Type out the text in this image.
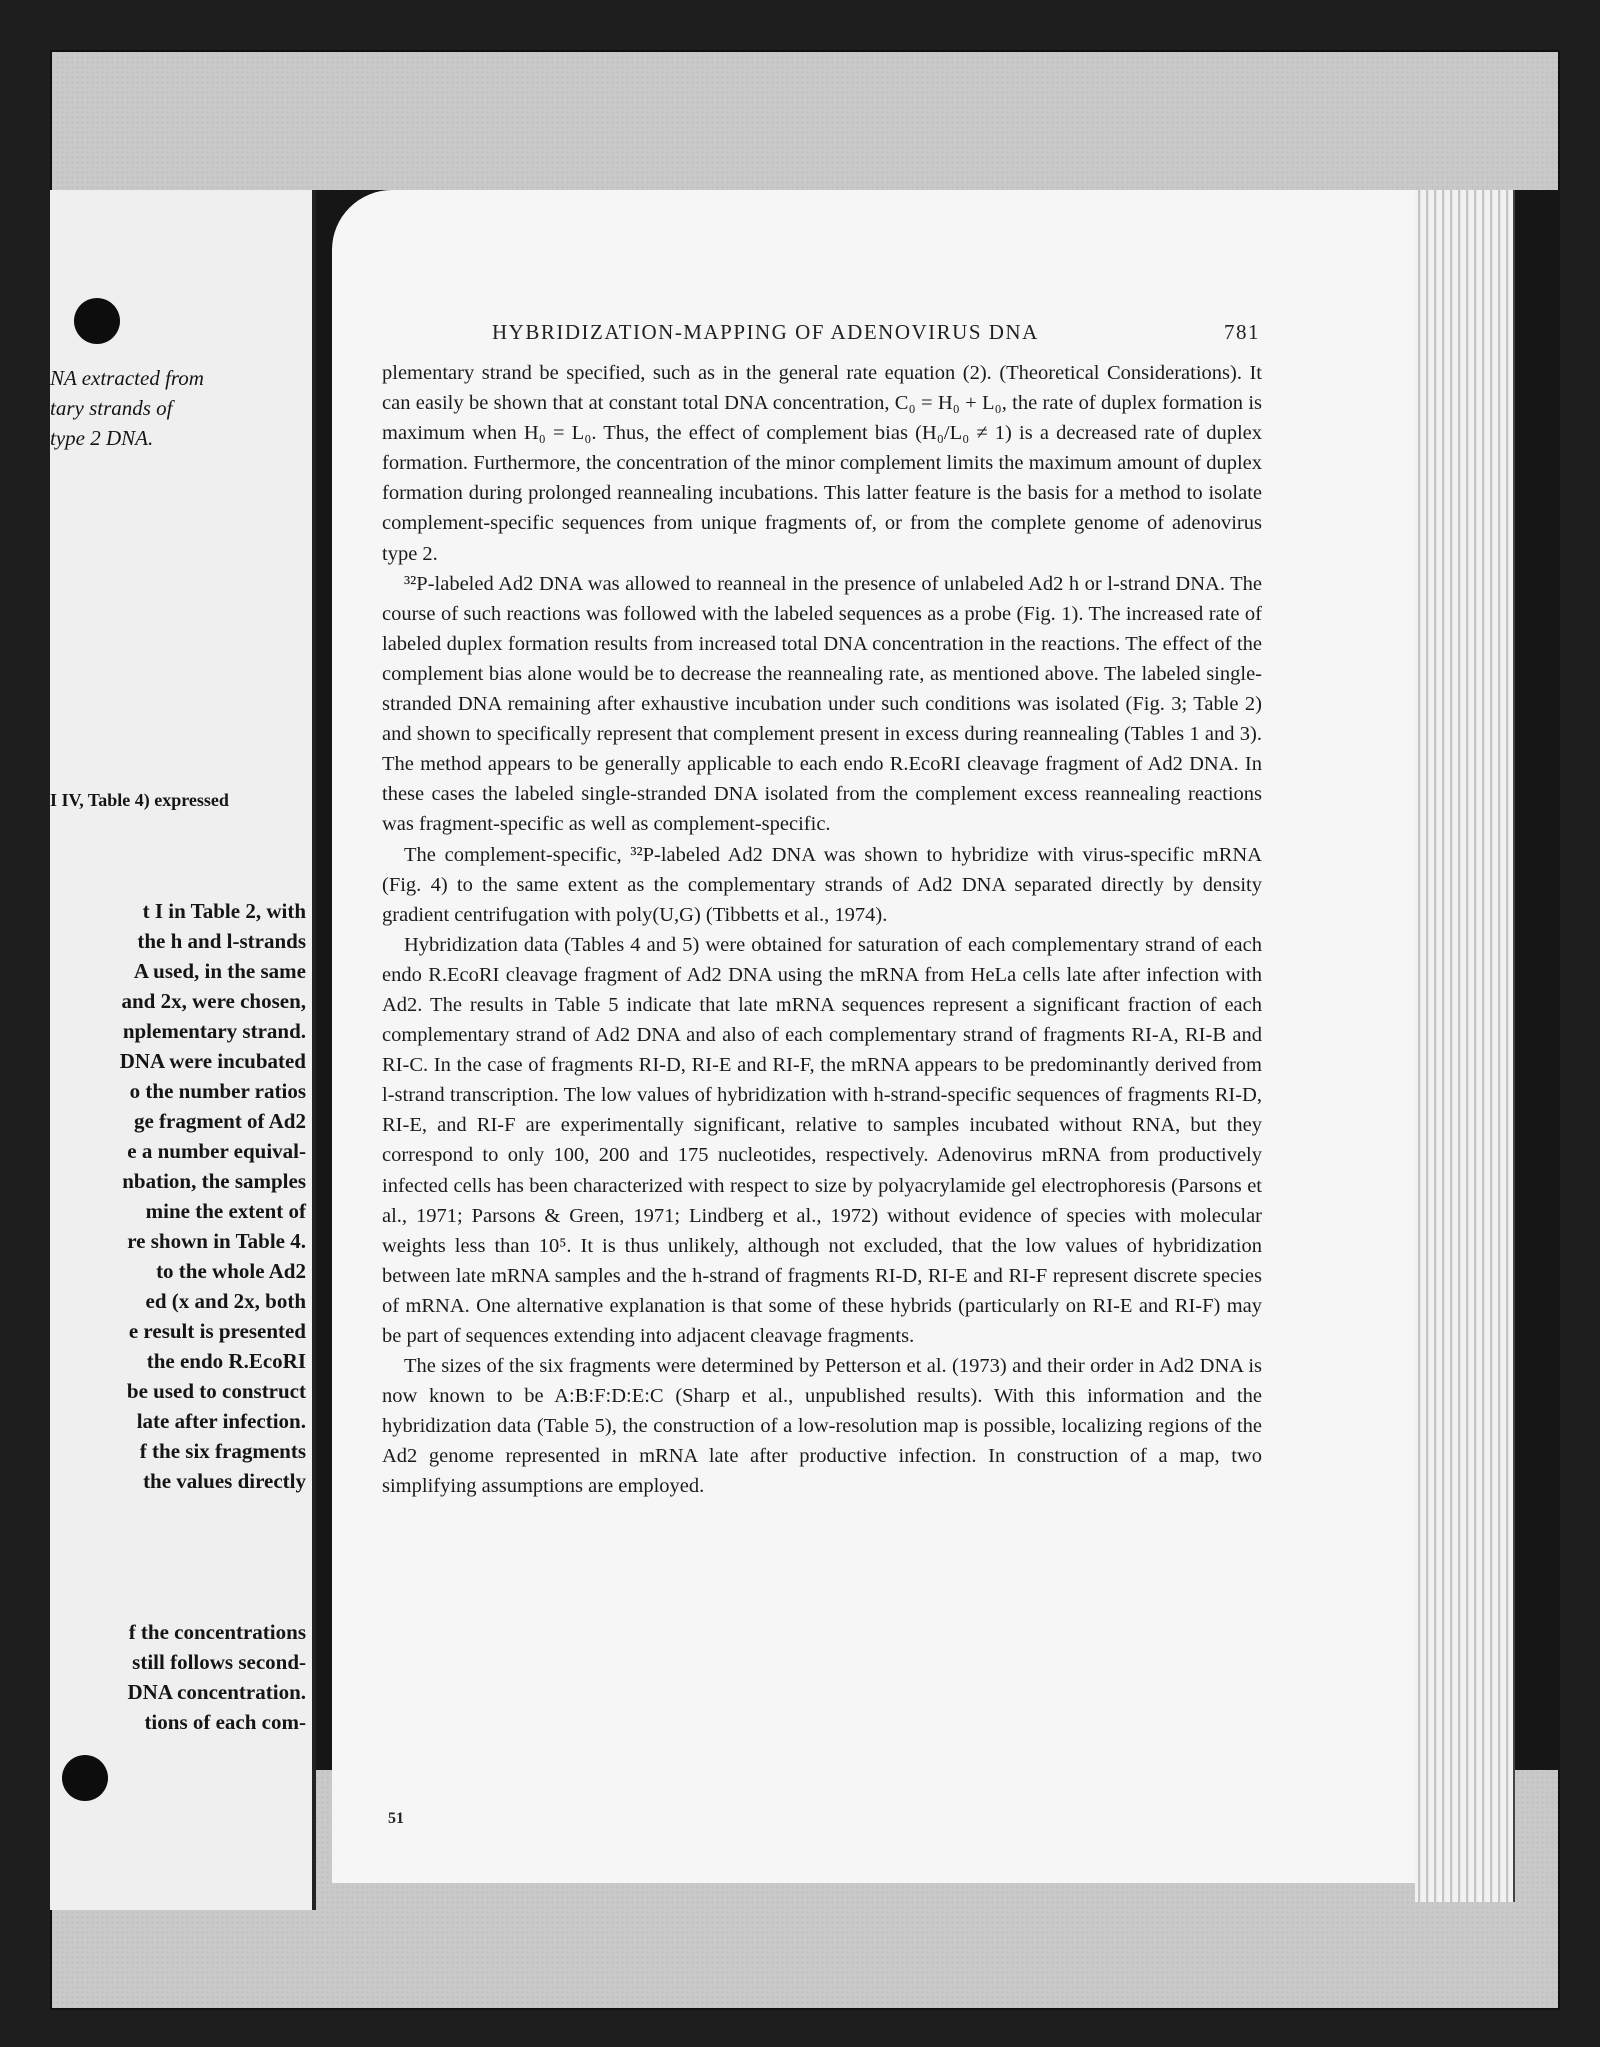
NA extracted from
tary strands of
type 2 DNA.
I IV, Table 4) expressed
t I in Table 2, with
the h and l-strands
A used, in the same
and 2x, were chosen,
nplementary strand.
DNA were incubated
o the number ratios
ge fragment of Ad2
e a number equival-
nbation, the samples
mine the extent of
re shown in Table 4.
to the whole Ad2
ed (x and 2x, both
e result is presented
the endo R.EcoRI
be used to construct
late after infection.
f the six fragments
the values directly
f the concentrations
still follows second-
DNA concentration.
tions of each com-
HYBRIDIZATION-MAPPING OF ADENOVIRUS DNA	781

plementary strand be specified, such as in the general rate equation (2). (Theoretical Considerations). It can easily be shown that at constant total DNA concentration, C₀ = H₀ + L₀, the rate of duplex formation is maximum when H₀ = L₀. Thus, the effect of complement bias (H₀/L₀ ≠ 1) is a decreased rate of duplex formation. Furthermore, the concentration of the minor complement limits the maximum amount of duplex formation during prolonged reannealing incubations. This latter feature is the basis for a method to isolate complement-specific sequences from unique fragments of, or from the complete genome of adenovirus type 2.

³²P-labeled Ad2 DNA was allowed to reanneal in the presence of unlabeled Ad2 h or l-strand DNA. The course of such reactions was followed with the labeled sequences as a probe (Fig. 1). The increased rate of labeled duplex formation results from increased total DNA concentration in the reactions. The effect of the complement bias alone would be to decrease the reannealing rate, as mentioned above. The labeled single-stranded DNA remaining after exhaustive incubation under such conditions was isolated (Fig. 3; Table 2) and shown to specifically represent that complement present in excess during reannealing (Tables 1 and 3). The method appears to be generally applicable to each endo R.EcoRI cleavage fragment of Ad2 DNA. In these cases the labeled single-stranded DNA isolated from the complement excess reannealing reactions was fragment-specific as well as complement-specific.

The complement-specific, ³²P-labeled Ad2 DNA was shown to hybridize with virus-specific mRNA (Fig. 4) to the same extent as the complementary strands of Ad2 DNA separated directly by density gradient centrifugation with poly(U,G) (Tibbetts et al., 1974).

Hybridization data (Tables 4 and 5) were obtained for saturation of each complementary strand of each endo R.EcoRI cleavage fragment of Ad2 DNA using the mRNA from HeLa cells late after infection with Ad2. The results in Table 5 indicate that late mRNA sequences represent a significant fraction of each complementary strand of Ad2 DNA and also of each complementary strand of fragments RI-A, RI-B and RI-C. In the case of fragments RI-D, RI-E and RI-F, the mRNA appears to be predominantly derived from l-strand transcription. The low values of hybridization with h-strand-specific sequences of fragments RI-D, RI-E, and RI-F are experimentally significant, relative to samples incubated without RNA, but they correspond to only 100, 200 and 175 nucleotides, respectively. Adenovirus mRNA from productively infected cells has been characterized with respect to size by polyacrylamide gel electrophoresis (Parsons et al., 1971; Parsons & Green, 1971; Lindberg et al., 1972) without evidence of species with molecular weights less than 10⁵. It is thus unlikely, although not excluded, that the low values of hybridization between late mRNA samples and the h-strand of fragments RI-D, RI-E and RI-F represent discrete species of mRNA. One alternative explanation is that some of these hybrids (particularly on RI-E and RI-F) may be part of sequences extending into adjacent cleavage fragments.

The sizes of the six fragments were determined by Petterson et al. (1973) and their order in Ad2 DNA is now known to be A:B:F:D:E:C (Sharp et al., unpublished results). With this information and the hybridization data (Table 5), the construction of a low-resolution map is possible, localizing regions of the Ad2 genome represented in mRNA late after productive infection. In construction of a map, two simplifying assumptions are employed.

51
